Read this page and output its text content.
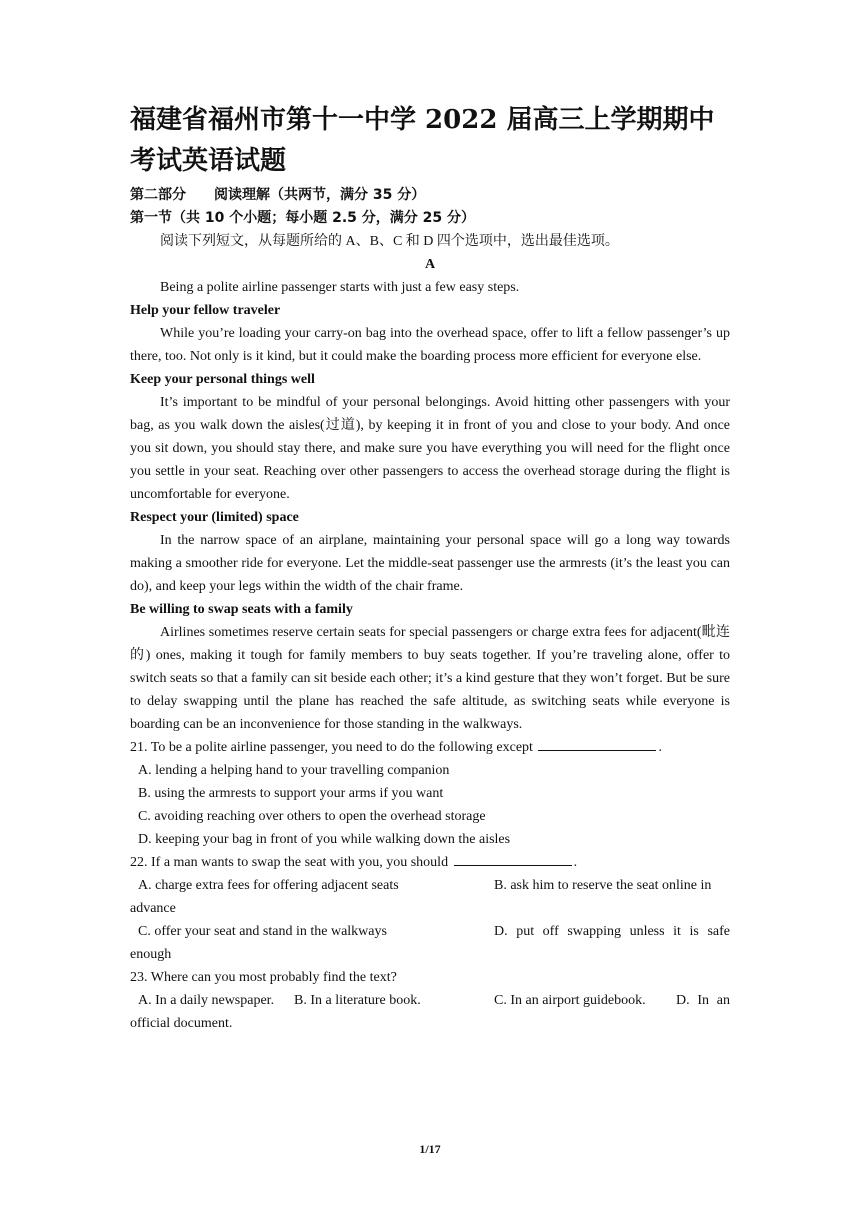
福建省福州市第十一中学 2022 届高三上学期期中考试英语试题
第二部分　　阅读理解（共两节，满分 35 分）
第一节（共 10 个小题；每小题 2.5 分，满分 25 分）
阅读下列短文，从每题所给的 A、B、C 和 D 四个选项中，选出最佳选项。
A
Being a polite airline passenger starts with just a few easy steps.
Help your fellow traveler
While you’re loading your carry-on bag into the overhead space, offer to lift a fellow passenger’s up there, too. Not only is it kind, but it could make the boarding process more efficient for everyone else.
Keep your personal things well
It’s important to be mindful of your personal belongings. Avoid hitting other passengers with your bag, as you walk down the aisles(过道), by keeping it in front of you and close to your body. And once you sit down, you should stay there, and make sure you have everything you will need for the flight once you settle in your seat. Reaching over other passengers to access the overhead storage during the flight is uncomfortable for everyone.
Respect your (limited) space
In the narrow space of an airplane, maintaining your personal space will go a long way towards making a smoother ride for everyone. Let the middle-seat passenger use the armrests (it’s the least you can do), and keep your legs within the width of the chair frame.
Be willing to swap seats with a family
Airlines sometimes reserve certain seats for special passengers or charge extra fees for adjacent(毗连的) ones, making it tough for family members to buy seats together. If you’re traveling alone, offer to switch seats so that a family can sit beside each other; it’s a kind gesture that they won’t forget. But be sure to delay swapping until the plane has reached the safe altitude, as switching seats while everyone is boarding can be an inconvenience for those standing in the walkways.
21. To be a polite airline passenger, you need to do the following except	.
A. lending a helping hand to your travelling companion
B. using the armrests to support your arms if you want
C. avoiding reaching over others to open the overhead storage
D. keeping your bag in front of you while walking down the aisles
22. If a man wants to swap the seat with you, you should	.
A. charge extra fees for offering adjacent seats	B. ask him to reserve the seat online in
advance
C. offer your seat and stand in the walkways	D. put off swapping unless it is safe
enough
23. Where can you most probably find the text?
A. In a daily newspaper.	B. In a literature book.	C. In an airport guidebook.	D. In an
official document.
1/17
